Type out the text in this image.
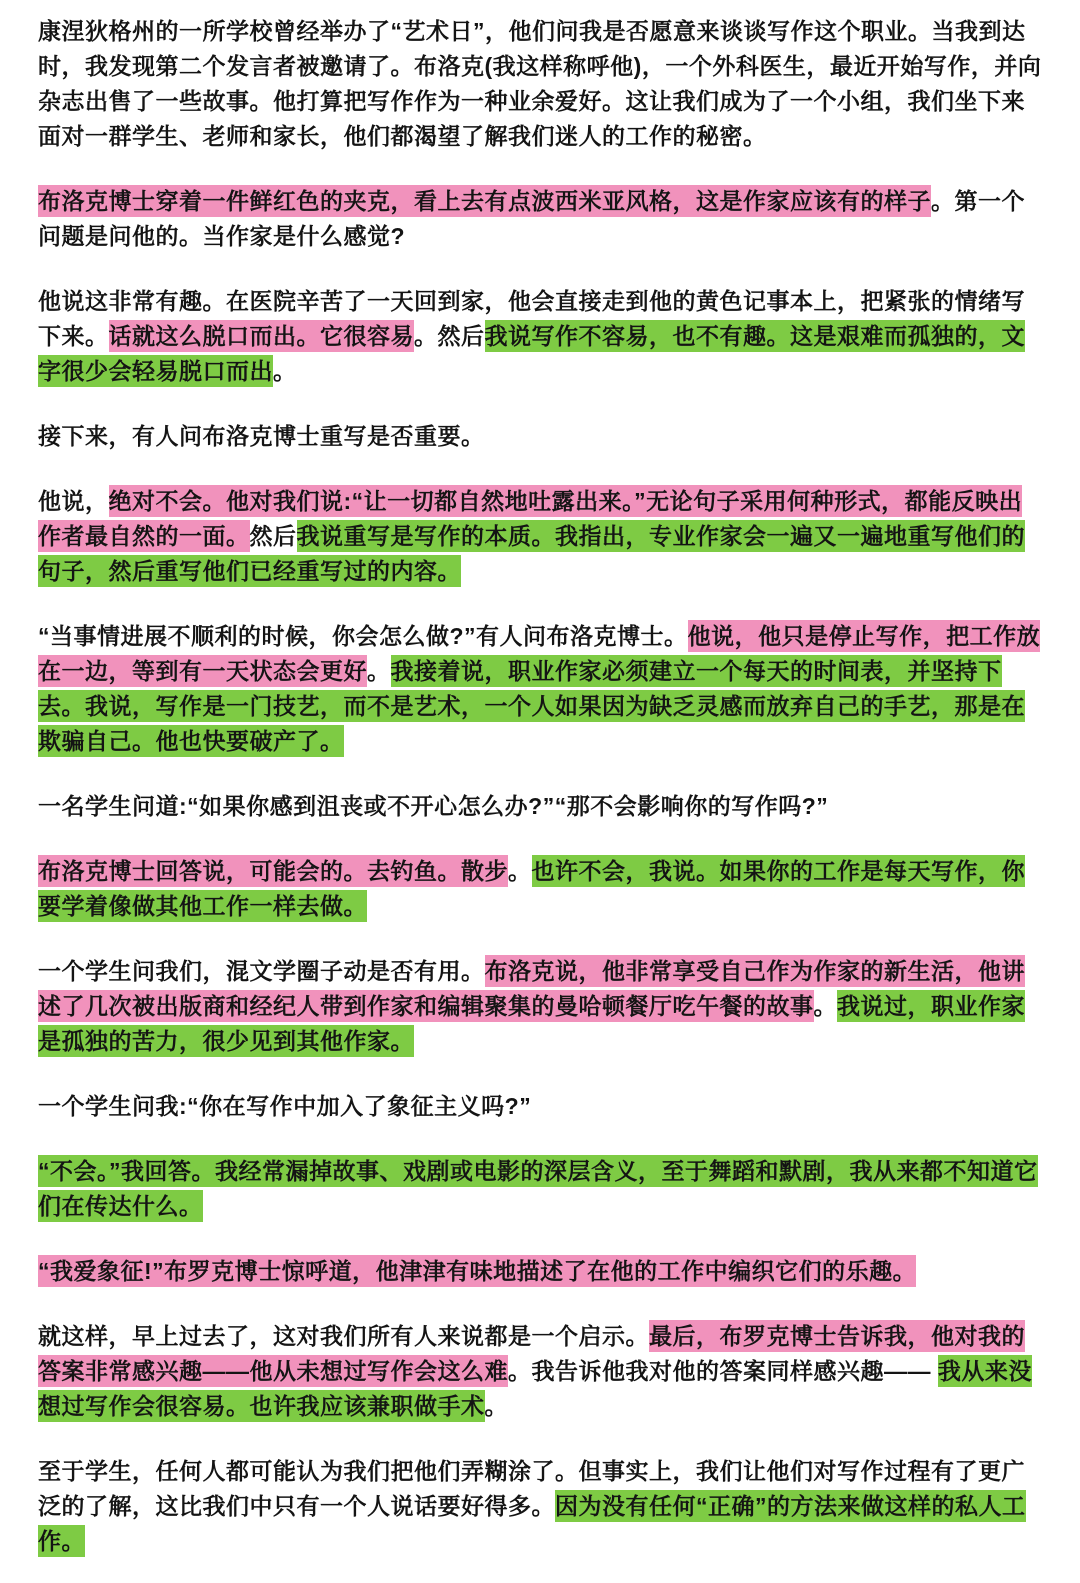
康涅狄格州的一所学校曾经举办了“艺术日”，他们问我是否愿意来谈谈写作这个职业。当我到达时，我发现第二个发言者被邀请了。布洛克(我这样称呼他)，一个外科医生，最近开始写作，并向杂志出售了一些故事。他打算把写作作为一种业余爱好。这让我们成为了一个小组，我们坐下来面对一群学生、老师和家长，他们都渴望了解我们迷人的工作的秘密。

布洛克博士穿着一件鲜红色的夹克，看上去有点波西米亚风格，这是作家应该有的样子。第一个问题是问他的。当作家是什么感觉?

他说这非常有趣。在医院辛苦了一天回到家，他会直接走到他的黄色记事本上，把紧张的情绪写下来。话就这么脱口而出。它很容易。然后我说写作不容易，也不有趣。这是艰难而孤独的，文字很少会轻易脱口而出。

接下来，有人问布洛克博士重写是否重要。

他说，绝对不会。他对我们说:“让一切都自然地吐露出来。”无论句子采用何种形式，都能反映出作者最自然的一面。然后我说重写是写作的本质。我指出，专业作家会一遍又一遍地重写他们的句子，然后重写他们已经重写过的内容。

“当事情进展不顺利的时候，你会怎么做?”有人问布洛克博士。他说，他只是停止写作，把工作放在一边，等到有一天状态会更好。我接着说，职业作家必须建立一个每天的时间表，并坚持下去。我说，写作是一门技艺，而不是艺术，一个人如果因为缺乏灵感而放弃自己的手艺，那是在欺骗自己。他也快要破产了。

一名学生问道:“如果你感到沮丧或不开心怎么办?”“那不会影响你的写作吗?”

布洛克博士回答说，可能会的。去钓鱼。散步。也许不会，我说。如果你的工作是每天写作，你要学着像做其他工作一样去做。

一个学生问我们，混文学圈子动是否有用。布洛克说，他非常享受自己作为作家的新生活，他讲述了几次被出版商和经纪人带到作家和编辑聚集的曼哈顿餐厅吃午餐的故事。我说过，职业作家是孤独的苦力，很少见到其他作家。

一个学生问我:“你在写作中加入了象征主义吗?”

“不会。”我回答。我经常漏掉故事、戏剧或电影的深层含义，至于舞蹈和默剧，我从来都不知道它们在传达什么。

“我爱象征!”布罗克博士惊呼道，他津津有味地描述了在他的工作中编织它们的乐趣。

就这样，早上过去了，这对我们所有人来说都是一个启示。最后，布罗克博士告诉我，他对我的答案非常感兴趣——他从未想过写作会这么难。我告诉他我对他的答案同样感兴趣—— 我从来没想过写作会很容易。也许我应该兼职做手术。

至于学生，任何人都可能认为我们把他们弄糊涂了。但事实上，我们让他们对写作过程有了更广泛的了解，这比我们中只有一个人说话要好得多。因为没有任何“正确”的方法来做这样的私人工作。
